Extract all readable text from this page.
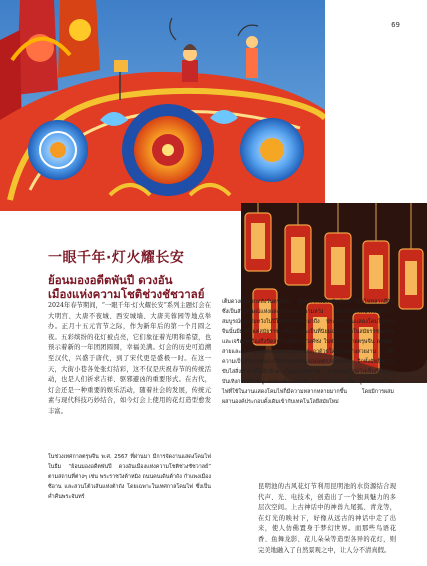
69
一眼千年·灯火耀长安
ย้อนมองอดีตพันปี ดวงอัน
เมืองแห่งความโชติช่วงชัชวาลย์

2024年春节期间，“一眼千年·灯火耀长安”系列主题灯会在大明宫、大唐不夜城、西安城墙、大唐芙蓉园等地点举办。正月十五元宵节之际，作为新年后的第一个月圆之夜。五彩缤纷的花灯被点亮，它们象征着光明和希望，也预示着新的一年团团圆圆，幸福美满。灯会的历史可追溯至汉代，兴盛于唐代，到了宋代更是盛极一时。在这一天，大街小巷各处张灯结彩，这不仅是庆祝春节的传统活动，也是人们祈求吉祥、驱邪避凶的重要形式。在古代，灯会还是一种重要的娱乐活动，随着社会的发展，传统元素与现代科技巧妙结合，如今灯会上使用的花灯造型愈发丰富。

ในช่วงเทศกาลตรุษจีน พ.ศ. 2567 ที่ผ่านมา มีการจัดงานแสดงโคมไฟในธีม “ย้อนมองอดีตพันปี ดวงอันเมืองแห่งความโชติช่วงชัชวาลย์” ตามสถานที่ต่างๆ เช่น พระราชวังต้าหมิง ถนนคนเดินต้าถัง กำแพงเมืองซีอาน และสวนโต้วเส้นแห่งต้าถัง โดยเฉพาะในเทศกาลโคมไฟ ซึ่งเป็นค่ำคืนพระจันทร์

เต็มดวงคืนแรกหลังวันตรุษจีน ผู้คนพากันประดับประดาโคมไฟหลากสีสัน ซึ่งเป็นสัญลักษณ์แห่งแสงสว่างและความหวัง เพื่ออวยพรให้ปีใหม่มีความสมบูรณ์และสมหวังในปีใหม่ที่กำลังจะมาถึง ประเพณีงานแสดงโคมไฟของจีนนั้นมีมาตั้งแต่สมัยราชวงศ์ฮั่น และเป็นที่นิยมอย่างมากในสมัยราชวงศ์ถัง และเจริญรุ่งเรืองถึงขีดสุดในสมัยราชวงศ์ซ่ง ในช่วงเทศกาลตรุษจีน ถนนทุกสายและทุกตรอกซอกซอยจะประดับประดาด้วยโคมไฟอย่างสวยงาม เพื่อความเป็นสิริมงคลและเป็นการเฉลิมฉลองเทศกาลตรุษจีน อีกทั้งยังเป็นการขับไล่สิ่งชั่วร้ายได้อีกด้วย ในสมัยโบราณ งานแสดงโคมไฟเป็นกิจกรรมบันเทิงการที่สำคัญ ต่อมาเมื่อสังคมพัฒนาก้าวหน้ามากขึ้น รูปทรงของโคมไฟที่ใช้ในงานแสดงโคมไฟก็มีความหลากหลายมากขึ้น โดยมีการผสมผสานองค์ประกอบดั้งเดิมเข้ากับเทคโนโลยีสมัยใหม่

昆明池的古风花灯节利用昆明池的水资源结合现代声、光、电技术，创造出了一个独具魅力的多层次空间。上古神话中的神兽九尾狐、青龙等，在灯光的映衬下，好像从远古的神话中走了出来，使人仿佛置身于梦幻世界。而那些鸟语花香、鱼舞龙影、花儿朵朵等造型各异的花灯，则完美地融入了自然景观之中，让人分不清真假。
